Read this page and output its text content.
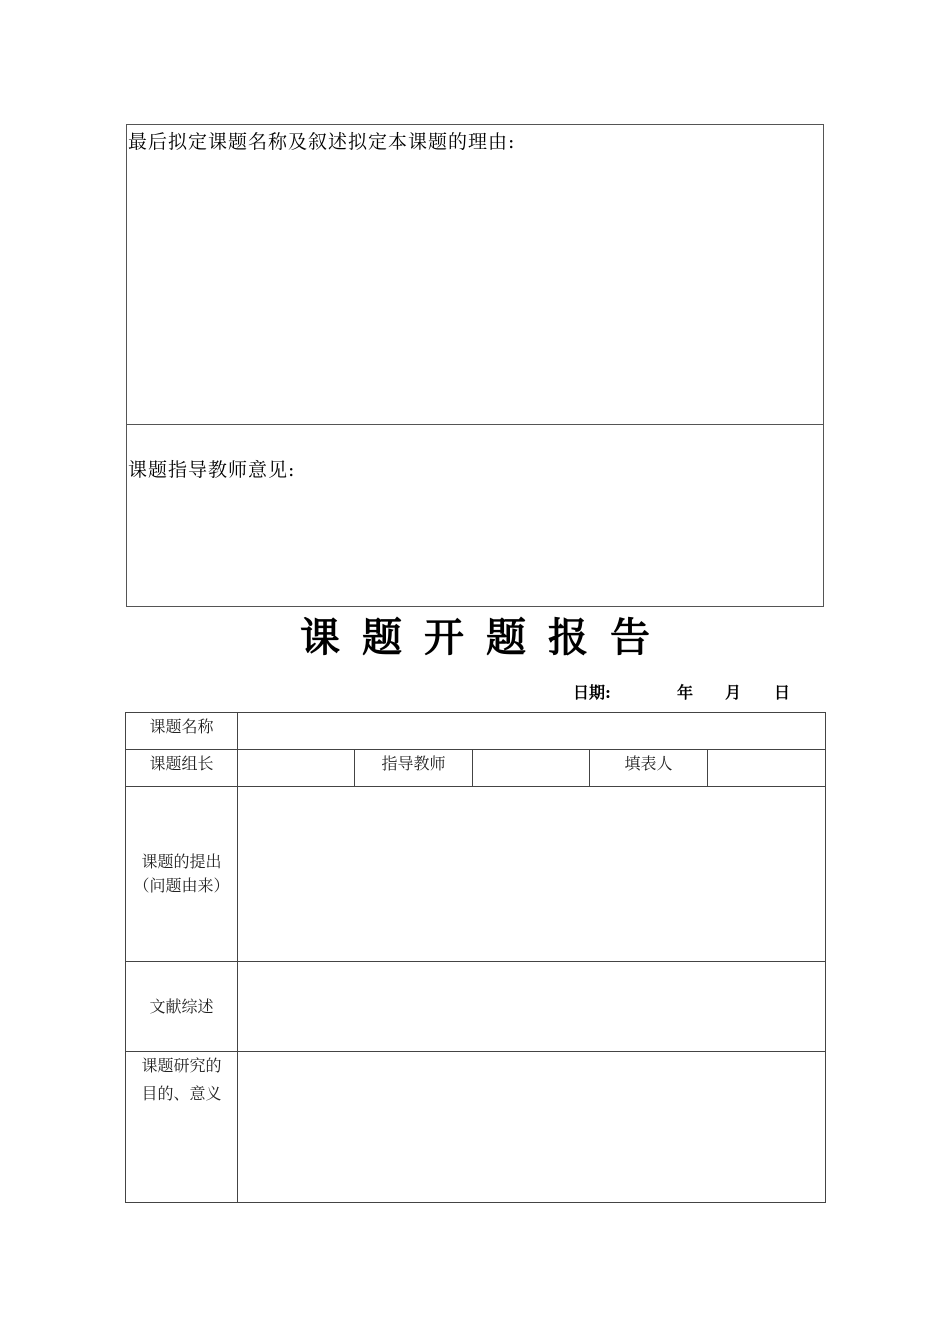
最后拟定课题名称及叙述拟定本课题的理由:
课题指导教师意见:
课题开题报告
日期:	年 月 日
课题名称					
课题组长		指导教师		填表人	

课题的提出
（问题由来）					

文献综述					

课题研究的
目的、意义					
